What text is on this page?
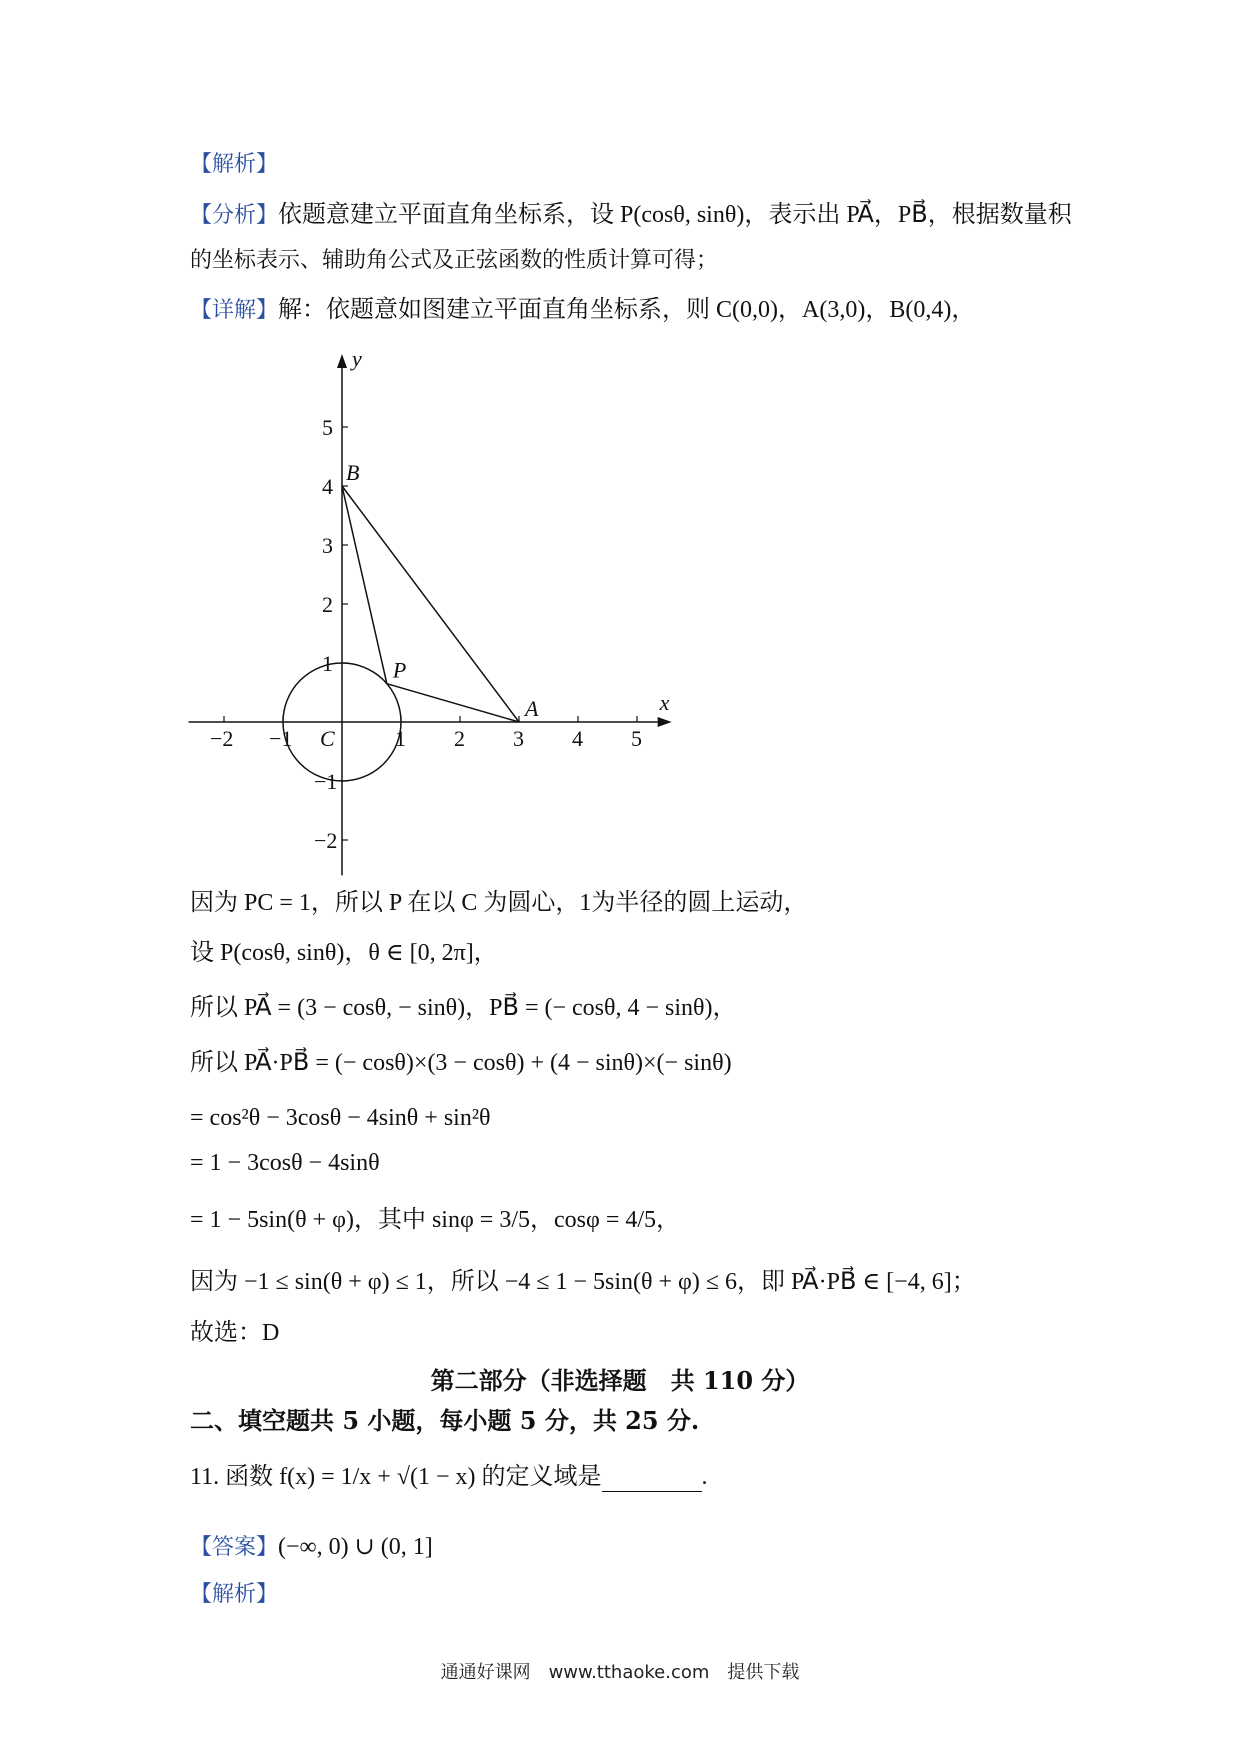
【解析】
【分析】依题意建立平面直角坐标系，设 P(cosθ, sinθ)，表示出 PA⃗，PB⃗，根据数量积
的坐标表示、辅助角公式及正弦函数的性质计算可得；
【详解】解：依题意如图建立平面直角坐标系，则 C(0,0)，A(3,0)，B(0,4)，
x
y
−2 −1	1 2 3 4 5
5
4
3
2
1
−1
−2
B
P
A
C
因为 PC = 1，所以 P 在以 C 为圆心，1为半径的圆上运动，
设 P(cosθ, sinθ)，θ ∈ [0, 2π]，
所以 PA⃗ = (3 − cosθ, − sinθ)，PB⃗ = (− cosθ, 4 − sinθ)，
所以 PA⃗·PB⃗ = (− cosθ)×(3 − cosθ) + (4 − sinθ)×(− sinθ)
= cos²θ − 3cosθ − 4sinθ + sin²θ
= 1 − 3cosθ − 4sinθ
= 1 − 5sin(θ + φ)，其中 sinφ = 3/5，cosφ = 4/5，
因为 −1 ≤ sin(θ + φ) ≤ 1，所以 −4 ≤ 1 − 5sin(θ + φ) ≤ 6，即 PA⃗·PB⃗ ∈ [−4, 6]；
故选：D
第二部分（非选择题　共 110 分）
二、填空题共 5 小题，每小题 5 分，共 25 分.
11. 函数 f(x) = 1/x + √(1 − x) 的定义域是	.
【答案】(−∞, 0) ∪ (0, 1]
【解析】
通通好课网　www.tthaoke.com　提供下载
